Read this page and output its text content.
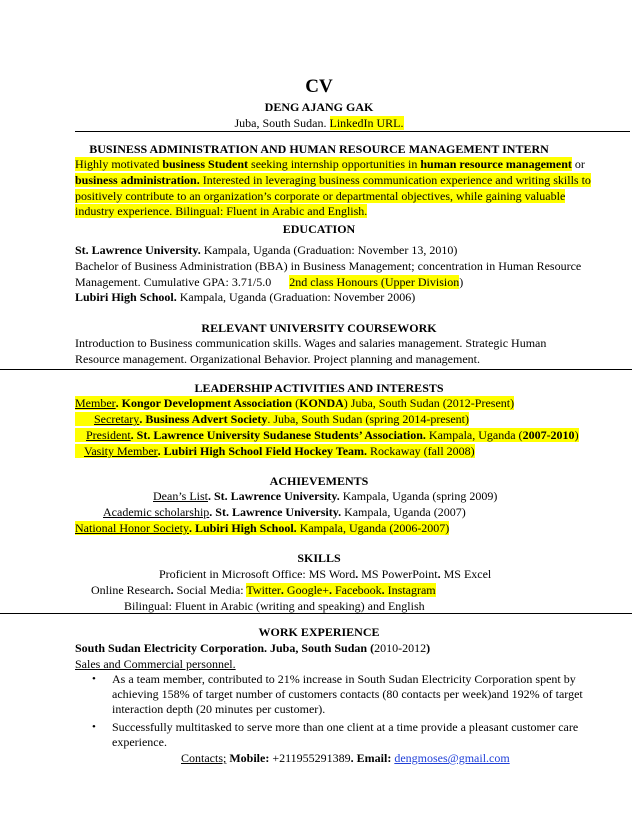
CV
DENG AJANG GAK
Juba, South Sudan. LinkedIn URL.
BUSINESS ADMINISTRATION AND HUMAN RESOURCE MANAGEMENT INTERN
Highly motivated business Student seeking internship opportunities in human resource management or
business administration. Interested in leveraging business communication experience and writing skills to
positively contribute to an organization’s corporate or departmental objectives, while gaining valuable
industry experience. Bilingual: Fluent in Arabic and English.
EDUCATION
St. Lawrence University. Kampala, Uganda (Graduation: November 13, 2010)
Bachelor of Business Administration (BBA) in Business Management; concentration in Human Resource
Management. Cumulative GPA: 3.71/5.0      2nd class Honours (Upper Division)
Lubiri High School. Kampala, Uganda (Graduation: November 2006)
RELEVANT UNIVERSITY COURSEWORK
Introduction to Business communication skills. Wages and salaries management. Strategic Human
Resource management. Organizational Behavior. Project planning and management.
LEADERSHIP ACTIVITIES AND INTERESTS
Member. Kongor Development Association (KONDA) Juba, South Sudan (2012-Present)
Secretary. Business Advert Society. Juba, South Sudan (spring 2014-present)
President. St. Lawrence University Sudanese Students’ Association. Kampala, Uganda (2007-2010)
Vasity Member. Lubiri High School Field Hockey Team. Rockaway (fall 2008)
ACHIEVEMENTS
Dean’s List. St. Lawrence University. Kampala, Uganda (spring 2009)
Academic scholarship. St. Lawrence University. Kampala, Uganda (2007)
National Honor Society. Lubiri High School. Kampala, Uganda (2006-2007)
SKILLS
Proficient in Microsoft Office: MS Word. MS PowerPoint. MS Excel
Online Research. Social Media: Twitter. Google+. Facebook. Instagram
Bilingual: Fluent in Arabic (writing and speaking) and English
WORK EXPERIENCE
South Sudan Electricity Corporation. Juba, South Sudan (2010-2012)
Sales and Commercial personnel.
• As a team member, contributed to 21% increase in South Sudan Electricity Corporation spent by
achieving 158% of target number of customers contacts (80 contacts per week)and 192% of target
interaction depth (20 minutes per customer).
• Successfully multitasked to serve more than one client at a time provide a pleasant customer care
experience.
Contacts; Mobile: +211955291389. Email: dengmoses@gmail.com
